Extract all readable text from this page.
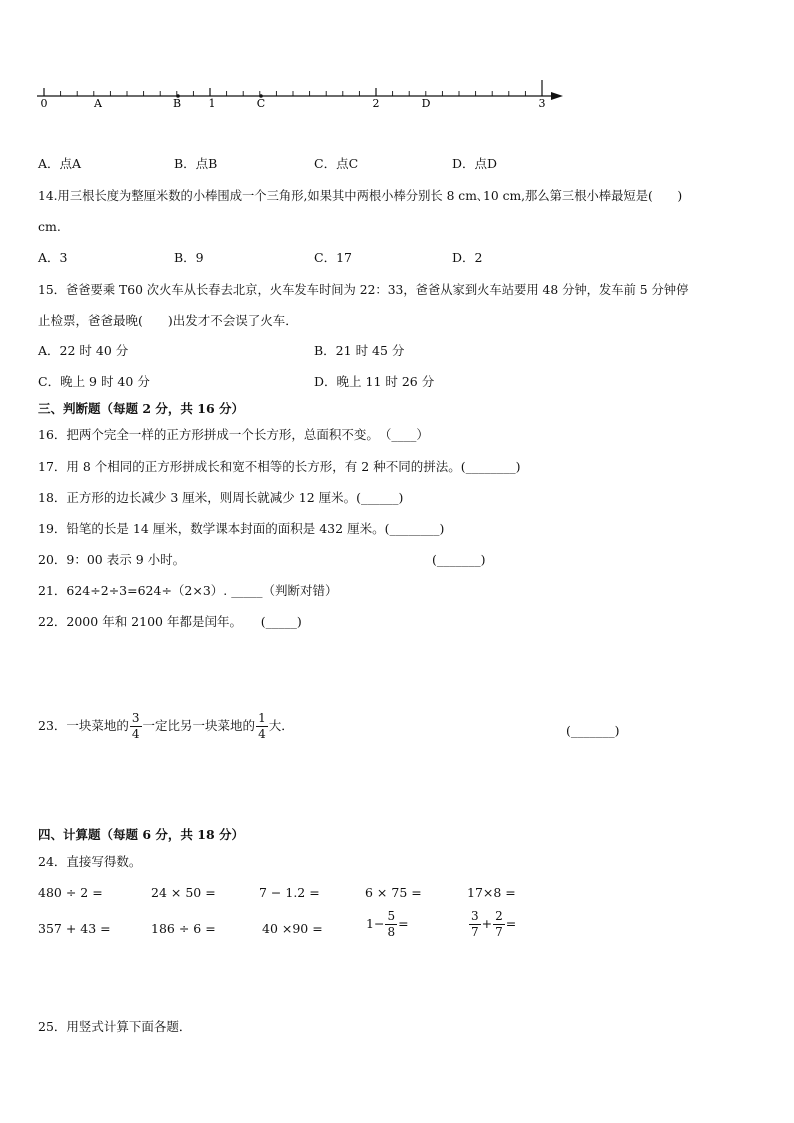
0	A	B 1	C	2	D	3
A．点A	B．点B	C．点C	D．点D
14.用三根长度为整厘米数的小棒围成一个三角形,如果其中两根小棒分别长 8 cm､10 cm,那么第三根小棒最短是(　　)
cm.
A．3	B．9	C．17	D．2
15．爸爸要乘 T60 次火车从长春去北京，火车发车时间为 22：33，爸爸从家到火车站要用 48 分钟，发车前 5 分钟停
止检票，爸爸最晚(　　)出发才不会误了火车．
A．22 时 40 分	B．21 时 45 分
C．晚上 9 时 40 分	D．晚上 11 时 26 分
三、判断题（每题 2 分，共 16 分）
16．把两个完全一样的正方形拼成一个长方形，总面积不变。　（____）
17．用 8 个相同的正方形拼成长和宽不相等的长方形，有 2 种不同的拼法。(________)
18．正方形的边长减少 3 厘米，则周长就减少 12 厘米。(______)
19．铅笔的长是 14 厘米，数学课本封面的面积是 432 厘米。(________)
20．9：00 表示 9 小时。	(_______)
21．624÷2÷3=624÷（2×3）. _____（判断对错）
22．2000 年和 2100 年都是闰年。　　(_____)
23．一块菜地的 $\frac{3}{4}$ 一定比另一块菜地的 $\frac{1}{4}$ 大．	(_______)
四、计算题（每题 6 分，共 18 分）
24．直接写得数。
480 ÷ 2 =	24 × 50 =	7 − 1.2 =	6 × 75 =	17×8 =
357 + 43 =	186 ÷ 6 =	40 ×90 =	$1- \frac{5}{8}$ =	$\frac{3}{7} + \frac{2}{7}$ =
25．用竖式计算下面各题．
